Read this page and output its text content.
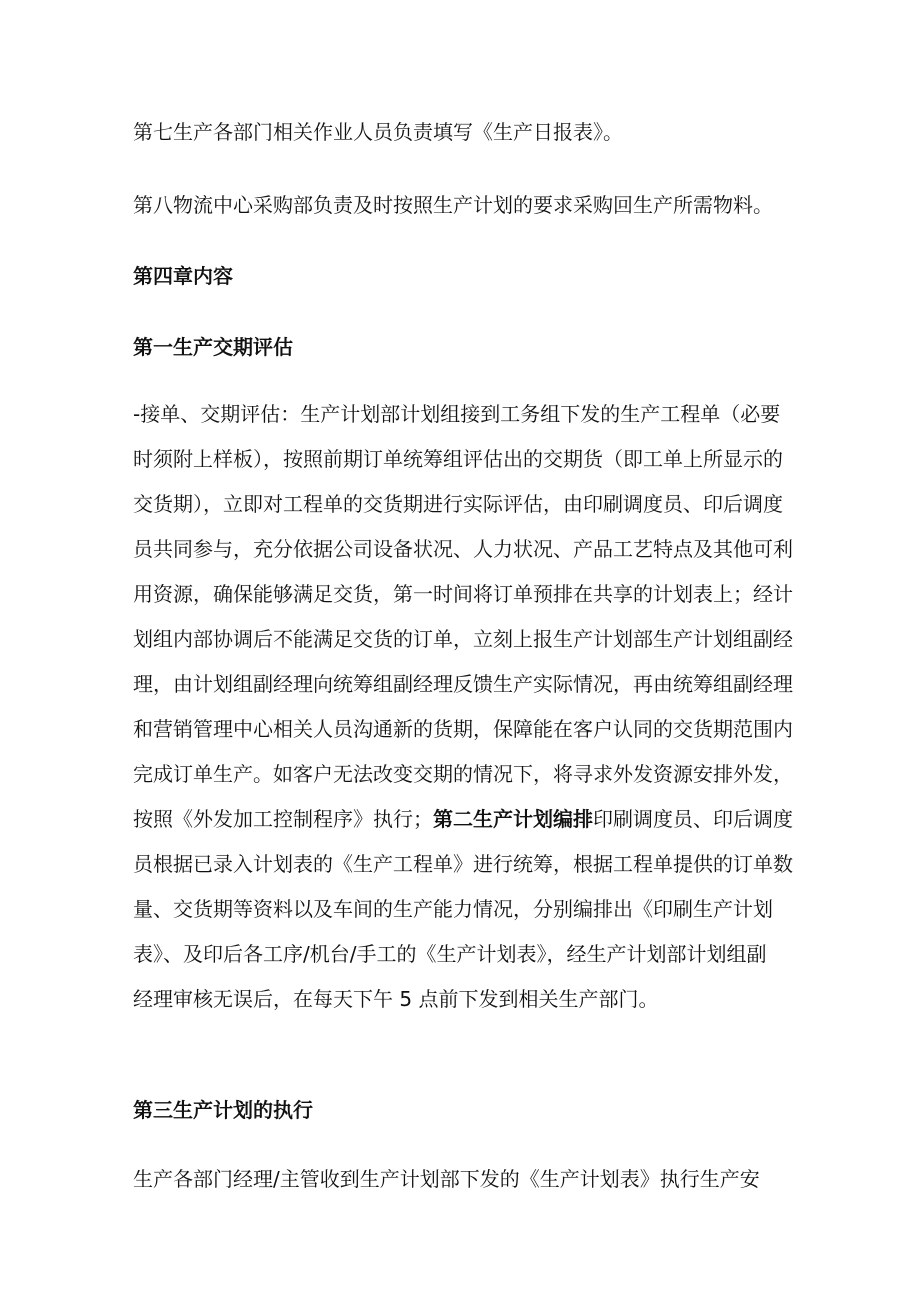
第七生产各部门相关作业人员负责填写《生产日报表》。

第八物流中心采购部负责及时按照生产计划的要求采购回生产所需物料。

第四章内容

第一生产交期评估

-接单、交期评估：生产计划部计划组接到工务组下发的生产工程单（必要
时须附上样板），按照前期订单统筹组评估出的交期货（即工单上所显示的
交货期），立即对工程单的交货期进行实际评估，由印刷调度员、印后调度
员共同参与，充分依据公司设备状况、人力状况、产品工艺特点及其他可利
用资源，确保能够满足交货，第一时间将订单预排在共享的计划表上；经计
划组内部协调后不能满足交货的订单，立刻上报生产计划部生产计划组副经
理，由计划组副经理向统筹组副经理反馈生产实际情况，再由统筹组副经理
和营销管理中心相关人员沟通新的货期，保障能在客户认同的交货期范围内
完成订单生产。如客户无法改变交期的情况下，将寻求外发资源安排外发，
按照《外发加工控制程序》执行；第二生产计划编排印刷调度员、印后调度
员根据已录入计划表的《生产工程单》进行统筹，根据工程单提供的订单数
量、交货期等资料以及车间的生产能力情况，分别编排出《印刷生产计划
表》、及印后各工序/机台/手工的《生产计划表》，经生产计划部计划组副
经理审核无误后，在每天下午 5 点前下发到相关生产部门。

第三生产计划的执行

生产各部门经理/主管收到生产计划部下发的《生产计划表》执行生产安
